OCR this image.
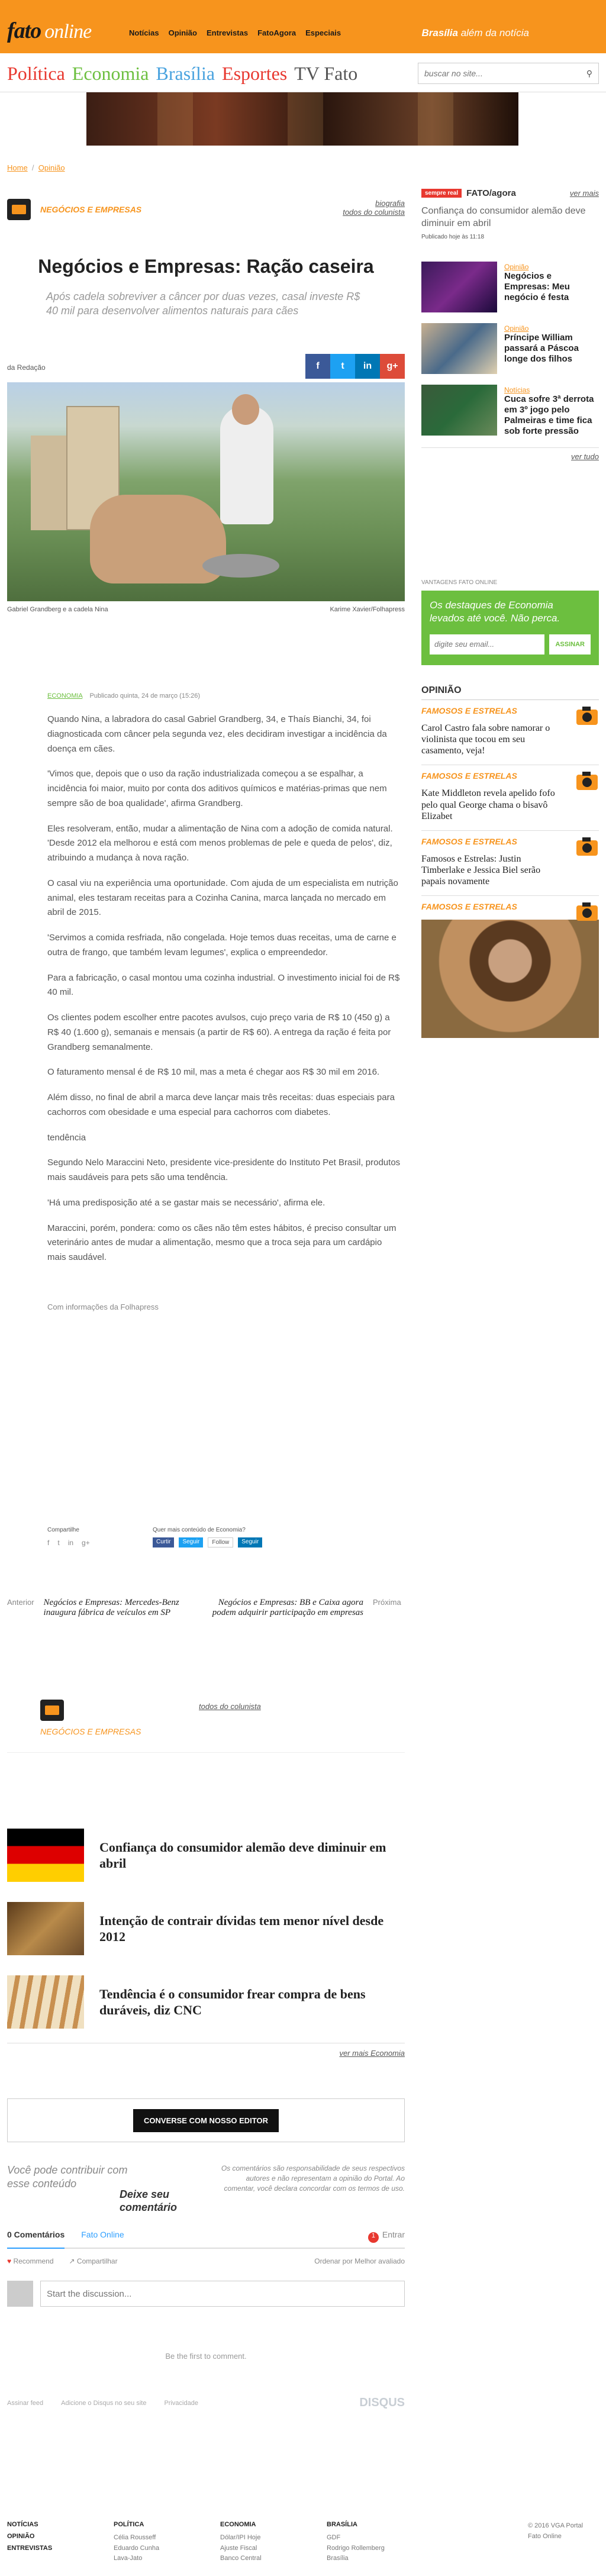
fato online	Notícias Opinião Entrevistas FatoAgora Especiais	Brasília além da notícia
Política Economia Brasília Esportes TV Fato
buscar no site...	⚲
Home  /  Opinião
NEGÓCIOS E EMPRESAS
biografia
todos do colunista
Negócios e Empresas: Ração caseira

Após cadela sobreviver a câncer por duas vezes, casal investe R$ 40 mil para desenvolver alimentos naturais para cães

da Redação	f	t	in	g+
Gabriel Grandberg e a cadela Nina	Karime Xavier/Folhapress
ECONOMIA Publicado quinta, 24 de março (15:26)

Quando Nina, a labradora do casal Gabriel Grandberg, 34, e Thaís Bianchi, 34, foi diagnosticada com câncer pela segunda vez, eles decidiram investigar a incidência da doença em cães.

'Vimos que, depois que o uso da ração industrializada começou a se espalhar, a incidência foi maior, muito por conta dos aditivos químicos e matérias-primas que nem sempre são de boa qualidade', afirma Grandberg.

Eles resolveram, então, mudar a alimentação de Nina com a adoção de comida natural. 'Desde 2012 ela melhorou e está com menos problemas de pele e queda de pelos', diz, atribuindo a mudança à nova ração.

O casal viu na experiência uma oportunidade. Com ajuda de um especialista em nutrição animal, eles testaram receitas para a Cozinha Canina, marca lançada no mercado em abril de 2015.

'Servimos a comida resfriada, não congelada. Hoje temos duas receitas, uma de carne e outra de frango, que também levam legumes', explica o empreendedor.

Para a fabricação, o casal montou uma cozinha industrial. O investimento inicial foi de R$ 40 mil.

Os clientes podem escolher entre pacotes avulsos, cujo preço varia de R$ 10 (450 g) a R$ 40 (1.600 g), semanais e mensais (a partir de R$ 60). A entrega da ração é feita por Grandberg semanalmente.

O faturamento mensal é de R$ 10 mil, mas a meta é chegar aos R$ 30 mil em 2016.

Além disso, no final de abril a marca deve lançar mais três receitas: duas especiais para cachorros com obesidade e uma especial para cachorros com diabetes.

tendência

Segundo Nelo Maraccini Neto, presidente vice-presidente do Instituto Pet Brasil, produtos mais saudáveis para pets são uma tendência.

'Há uma predisposição até a se gastar mais se necessário', afirma ele.

Maraccini, porém, pondera: como os cães não têm estes hábitos, é preciso consultar um veterinário antes de mudar a alimentação, mesmo que a troca seja para um cardápio mais saudável.

Com informações da Folhapress

Compartilhe
f t in g+
Quer mais conteúdo de Economia?
Curtir	Seguir	Follow	Seguir
Anterior Negócios e Empresas: Mercedes-Benz inaugura fábrica de veículos em SP
Negócios e Empresas: BB e Caixa agora podem adquirir participação em empresas
Próxima
todos do colunista
NEGÓCIOS E EMPRESAS
Confiança do consumidor alemão deve diminuir em abril
Intenção de contrair dívidas tem menor nível desde 2012
Tendência é o consumidor frear compra de bens duráveis, diz CNC
ver mais Economia
CONVERSE COM NOSSO EDITOR

Você pode contribuir com esse conteúdo

Deixe seu comentário

Os comentários são responsabilidade de seus respectivos autores e não representam a opinião do Portal. Ao comentar, você declara concordar com os termos de uso.

0 Comentários Fato Online	1 Entrar
♥ Recommend ↗ Compartilhar	Ordenar por Melhor avaliado
Start the discussion...

Be the first to comment.

Assinar feed	Adicione o Disqus no seu site	Privacidade	DISQUS
sempre real FATO/agora	ver mais

Confiança do consumidor alemão deve diminuir em abril

Publicado hoje às 11:18

Opinião

Negócios e Empresas: Meu negócio é festa

Opinião

Príncipe William passará a Páscoa longe dos filhos

Notícias

Cuca sofre 3ª derrota em 3º jogo pelo Palmeiras e time fica sob forte pressão

ver tudo

VANTAGENS FATO ONLINE

Os destaques de Economia levados até você. Não perca.

digite seu email...
ASSINAR

OPINIÃO

FAMOSOS E ESTRELAS

Carol Castro fala sobre namorar o violinista que tocou em seu casamento, veja!

FAMOSOS E ESTRELAS

Kate Middleton revela apelido fofo pelo qual George chama o bisavô Elizabet

FAMOSOS E ESTRELAS

Famosos e Estrelas: Justin Timberlake e Jessica Biel serão papais novamente

FAMOSOS E ESTRELAS
NOTÍCIAS
OPINIÃO
ENTREVISTAS
POLÍTICA

Célia Rousseff

Eduardo Cunha

Lava-Jato

ECONOMIA

Dólar/IPI Hoje

Ajuste Fiscal

Banco Central

BRASÍLIA

GDF

Rodrigo Rollemberg

Brasília

© 2016 VGA Portal

Fato Online
